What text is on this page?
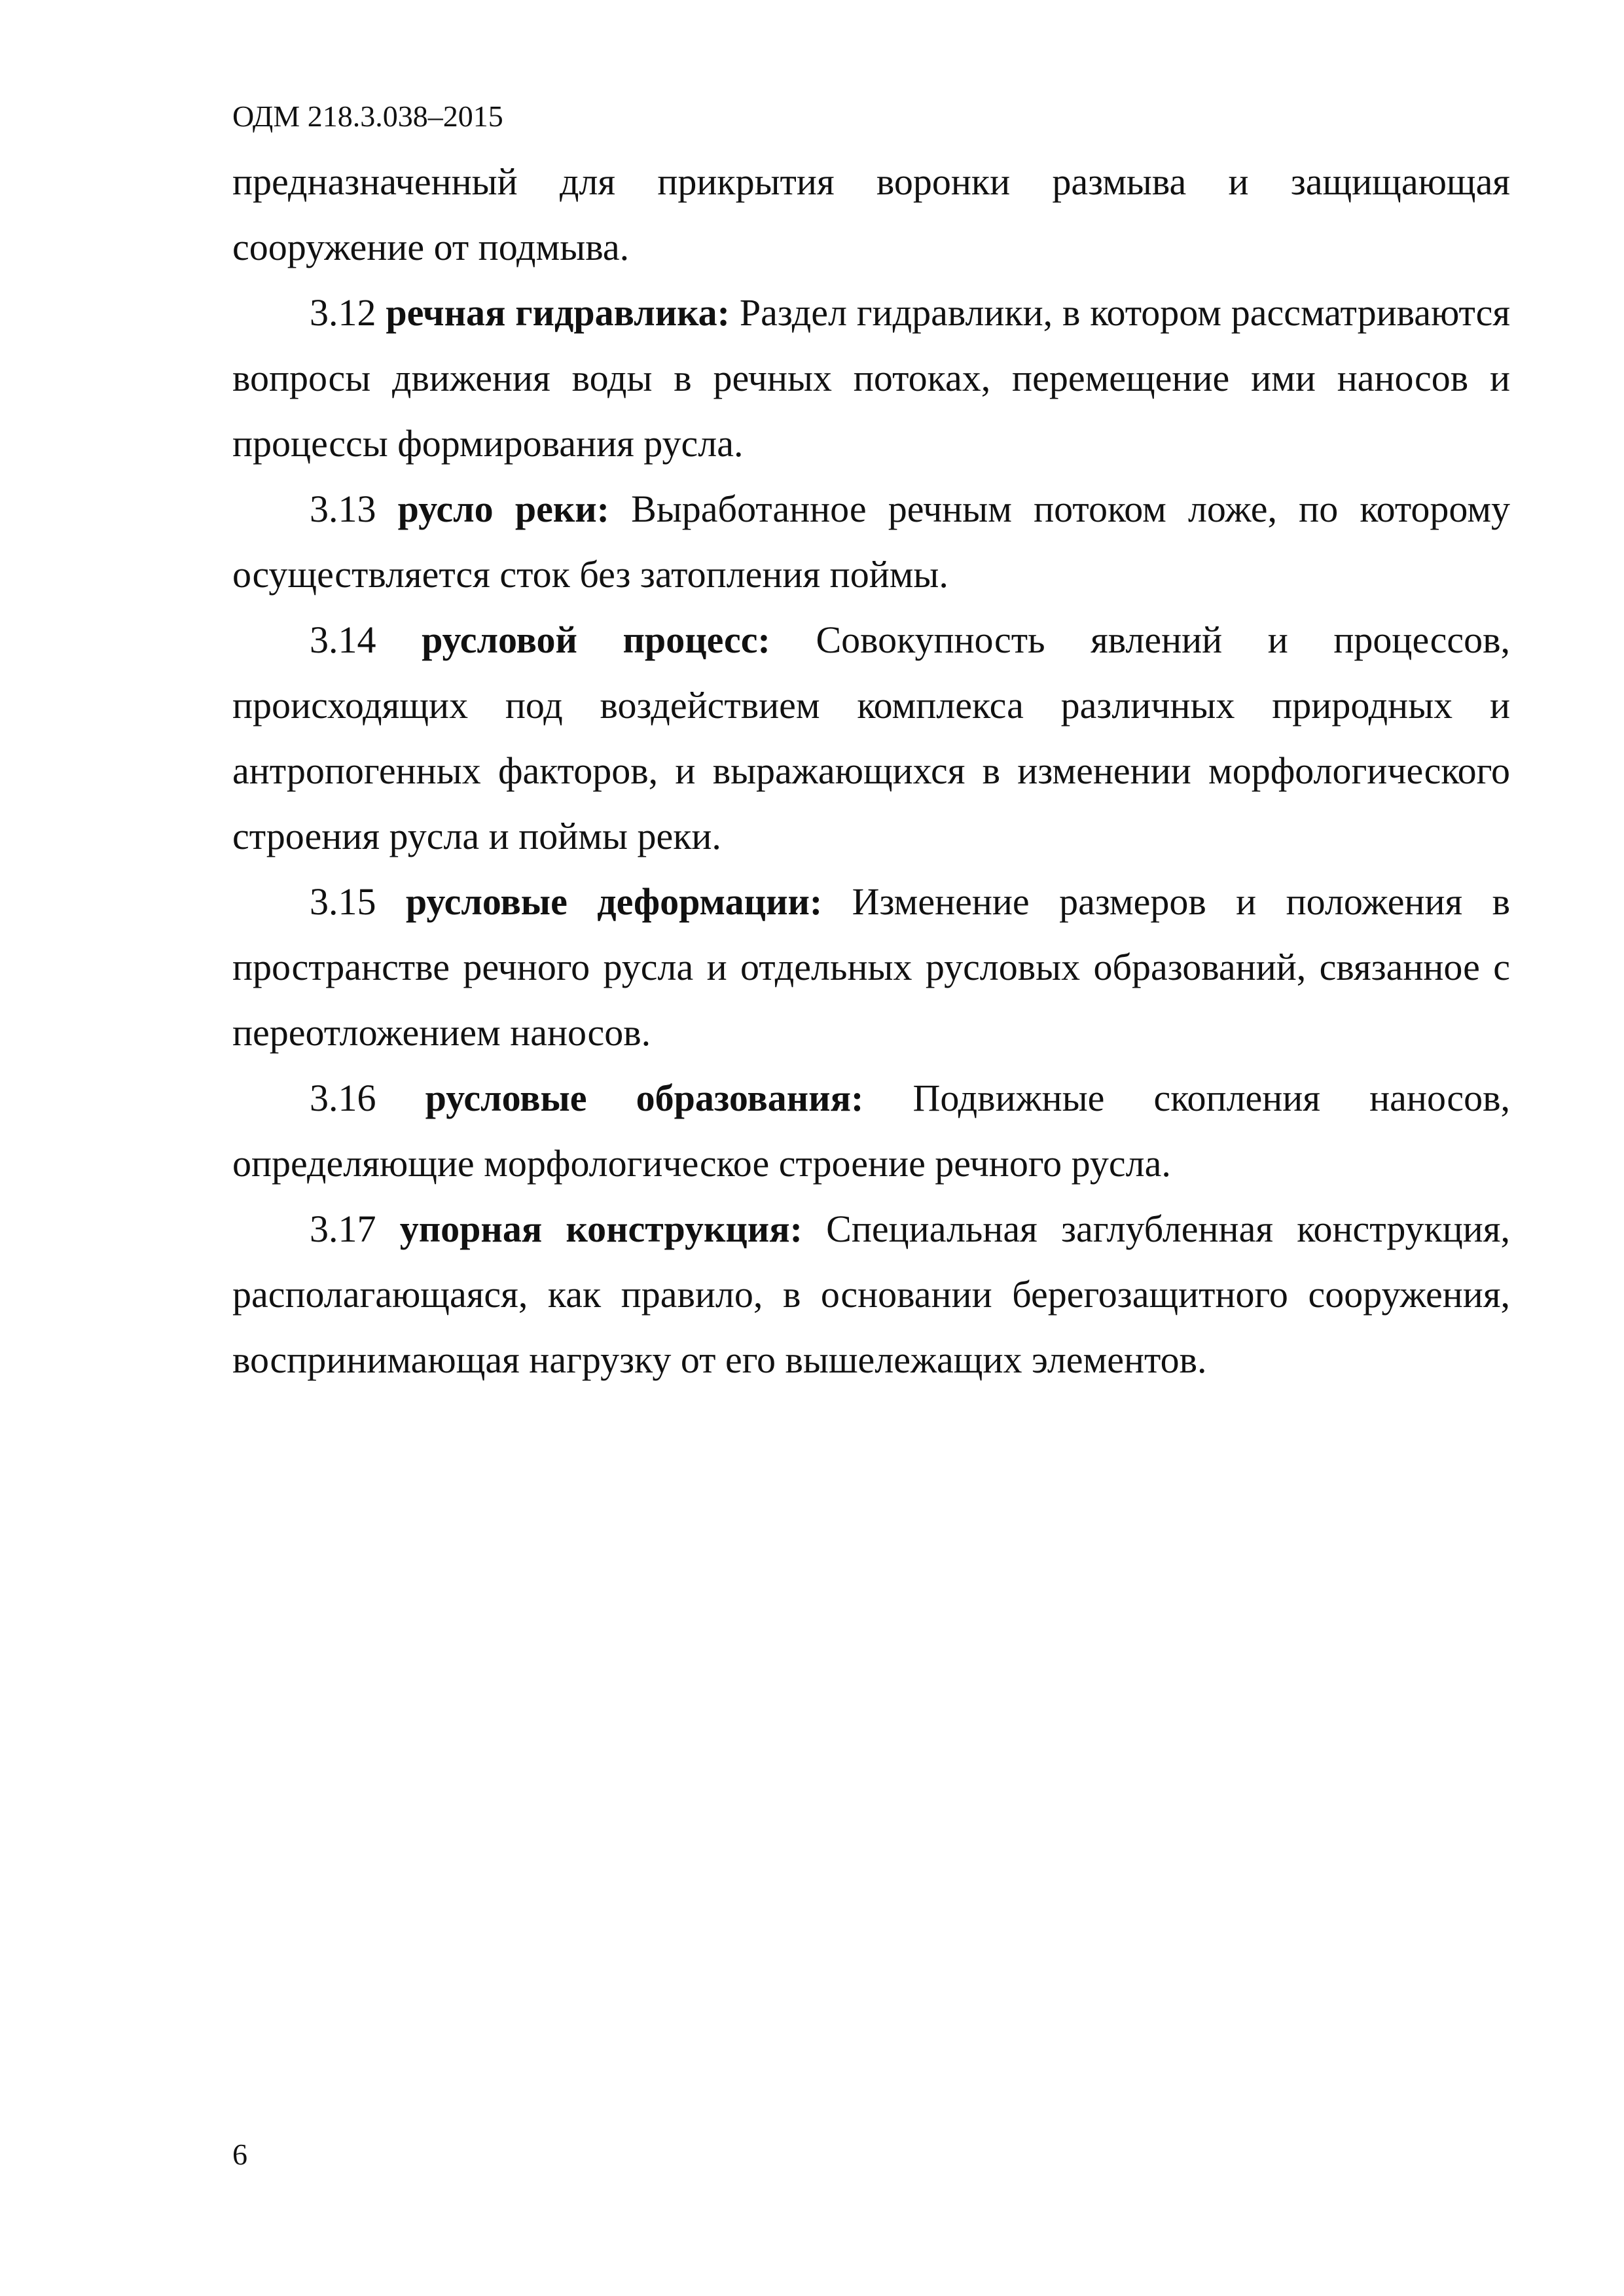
ОДМ 218.3.038–2015

предназначенный для прикрытия воронки размыва и защищающая сооружение от подмыва.

3.12 речная гидравлика: Раздел гидравлики, в котором рассматриваются вопросы движения воды в речных потоках, перемещение ими наносов и процессы формирования русла.

3.13 русло реки: Выработанное речным потоком ложе, по которому осуществляется сток без затопления поймы.

3.14 русловой процесс: Совокупность явлений и процессов, происходящих под воздействием комплекса различных природных и антропогенных факторов, и выражающихся в изменении морфологического строения русла и поймы реки.

3.15 русловые деформации: Изменение размеров и положения в пространстве речного русла и отдельных русловых образований, связанное с переотложением наносов.

3.16 русловые образования: Подвижные скопления наносов, определяющие морфологическое строение речного русла.

3.17 упорная конструкция: Специальная заглубленная конструкция, располагающаяся, как правило, в основании берегозащитного сооружения, воспринимающая нагрузку от его вышележащих элементов.

6
